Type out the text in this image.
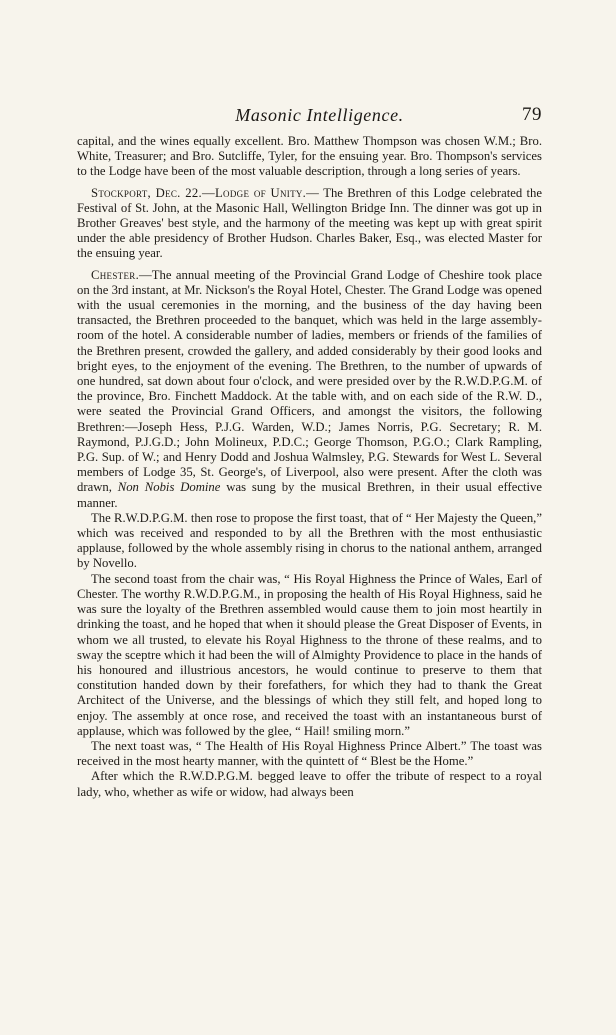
Masonic Intelligence.	79

capital, and the wines equally excellent. Bro. Matthew Thompson was chosen W.M.; Bro. White, Treasurer; and Bro. Sutcliffe, Tyler, for the ensuing year. Bro. Thompson's services to the Lodge have been of the most valuable description, through a long series of years.

Stockport, Dec. 22.—Lodge of Unity.— The Brethren of this Lodge celebrated the Festival of St. John, at the Masonic Hall, Wellington Bridge Inn. The dinner was got up in Brother Greaves' best style, and the harmony of the meeting was kept up with great spirit under the able presidency of Brother Hudson. Charles Baker, Esq., was elected Master for the ensuing year.

Chester.—The annual meeting of the Provincial Grand Lodge of Cheshire took place on the 3rd instant, at Mr. Nickson's the Royal Hotel, Chester. The Grand Lodge was opened with the usual ceremonies in the morning, and the business of the day having been transacted, the Brethren proceeded to the banquet, which was held in the large assembly-room of the hotel. A considerable number of ladies, members or friends of the families of the Brethren present, crowded the gallery, and added considerably by their good looks and bright eyes, to the enjoyment of the evening. The Brethren, to the number of upwards of one hundred, sat down about four o'clock, and were presided over by the R.W.D.P.G.M. of the province, Bro. Finchett Maddock. At the table with, and on each side of the R.W. D., were seated the Provincial Grand Officers, and amongst the visitors, the following Brethren:—Joseph Hess, P.J.G. Warden, W.D.; James Norris, P.G. Secretary; R. M. Raymond, P.J.G.D.; John Molineux, P.D.C.; George Thomson, P.G.O.; Clark Rampling, P.G. Sup. of W.; and Henry Dodd and Joshua Walmsley, P.G. Stewards for West L. Several members of Lodge 35, St. George's, of Liverpool, also were present. After the cloth was drawn, Non Nobis Domine was sung by the musical Brethren, in their usual effective manner.

The R.W.D.P.G.M. then rose to propose the first toast, that of “ Her Majesty the Queen,” which was received and responded to by all the Brethren with the most enthusiastic applause, followed by the whole assembly rising in chorus to the national anthem, arranged by Novello.

The second toast from the chair was, “ His Royal Highness the Prince of Wales, Earl of Chester. The worthy R.W.D.P.G.M., in proposing the health of His Royal Highness, said he was sure the loyalty of the Brethren assembled would cause them to join most heartily in drinking the toast, and he hoped that when it should please the Great Disposer of Events, in whom we all trusted, to elevate his Royal Highness to the throne of these realms, and to sway the sceptre which it had been the will of Almighty Providence to place in the hands of his honoured and illustrious ancestors, he would continue to preserve to them that constitution handed down by their forefathers, for which they had to thank the Great Architect of the Universe, and the blessings of which they still felt, and hoped long to enjoy. The assembly at once rose, and received the toast with an instantaneous burst of applause, which was followed by the glee, “ Hail! smiling morn.”

The next toast was, “ The Health of His Royal Highness Prince Albert.” The toast was received in the most hearty manner, with the quintett of “ Blest be the Home.”

After which the R.W.D.P.G.M. begged leave to offer the tribute of respect to a royal lady, who, whether as wife or widow, had always been
